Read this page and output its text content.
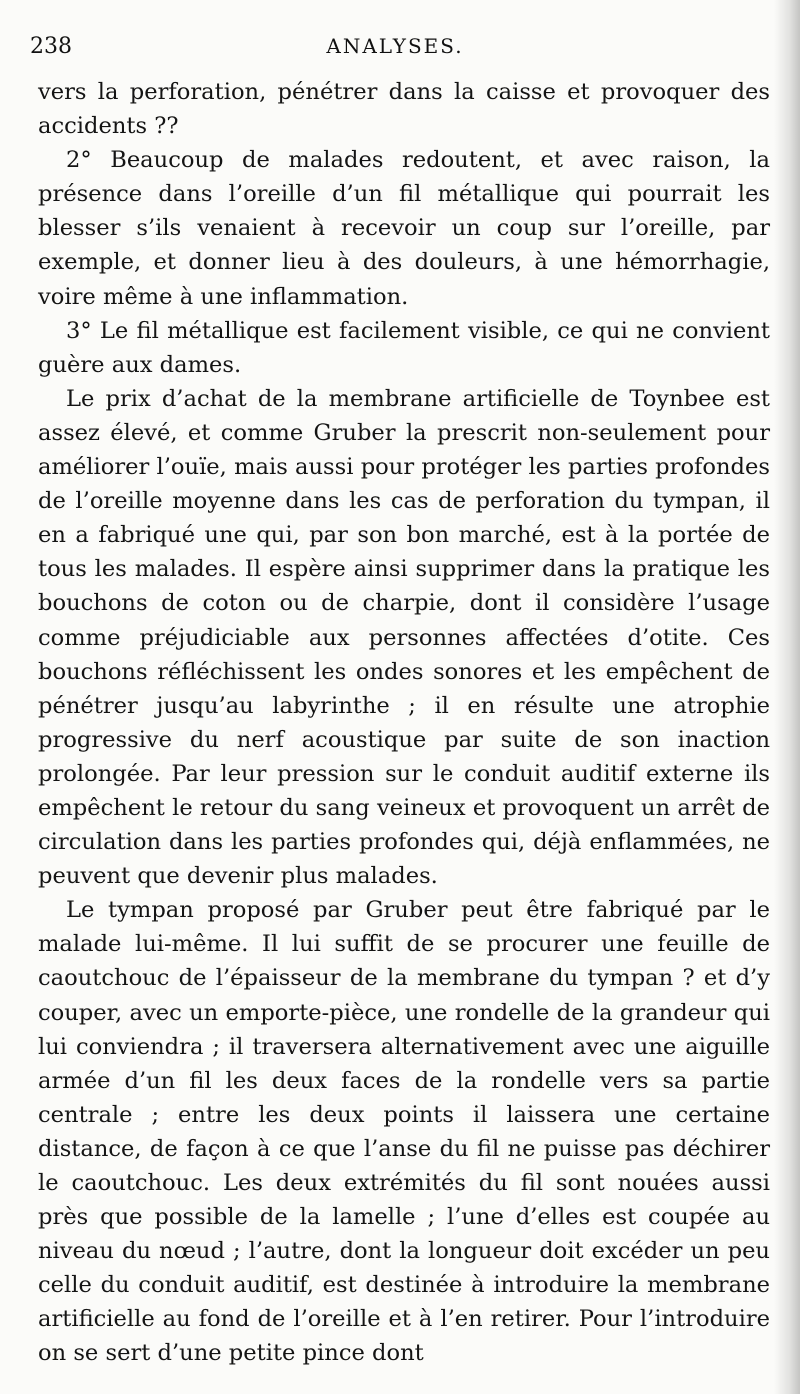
238	ANALYSES.

vers la perforation, pénétrer dans la caisse et provoquer des accidents ??

2° Beaucoup de malades redoutent, et avec raison, la présence dans l’oreille d’un fil métallique qui pourrait les blesser s’ils venaient à recevoir un coup sur l’oreille, par exemple, et donner lieu à des douleurs, à une hémorrhagie, voire même à une inflammation.

3° Le fil métallique est facilement visible, ce qui ne convient guère aux dames.

Le prix d’achat de la membrane artificielle de Toynbee est assez élevé, et comme Gruber la prescrit non-seulement pour améliorer l’ouïe, mais aussi pour protéger les parties profondes de l’oreille moyenne dans les cas de perforation du tympan, il en a fabriqué une qui, par son bon marché, est à la portée de tous les malades. Il espère ainsi supprimer dans la pratique les bouchons de coton ou de charpie, dont il considère l’usage comme préjudiciable aux personnes affectées d’otite. Ces bouchons réfléchissent les ondes sonores et les empêchent de pénétrer jusqu’au labyrinthe ; il en résulte une atrophie progressive du nerf acoustique par suite de son inaction prolongée. Par leur pression sur le conduit auditif externe ils empêchent le retour du sang veineux et provoquent un arrêt de circulation dans les parties profondes qui, déjà enflammées, ne peuvent que devenir plus malades.

Le tympan proposé par Gruber peut être fabriqué par le malade lui-même. Il lui suffit de se procurer une feuille de caoutchouc de l’épaisseur de la membrane du tympan ? et d’y couper, avec un emporte-pièce, une rondelle de la grandeur qui lui conviendra ; il traversera alternativement avec une aiguille armée d’un fil les deux faces de la rondelle vers sa partie centrale ; entre les deux points il laissera une certaine distance, de façon à ce que l’anse du fil ne puisse pas déchirer le caoutchouc. Les deux extrémités du fil sont nouées aussi près que possible de la lamelle ; l’une d’elles est coupée au niveau du nœud ; l’autre, dont la longueur doit excéder un peu celle du conduit auditif, est destinée à introduire la membrane artificielle au fond de l’oreille et à l’en retirer. Pour l’introduire on se sert d’une petite pince dont
